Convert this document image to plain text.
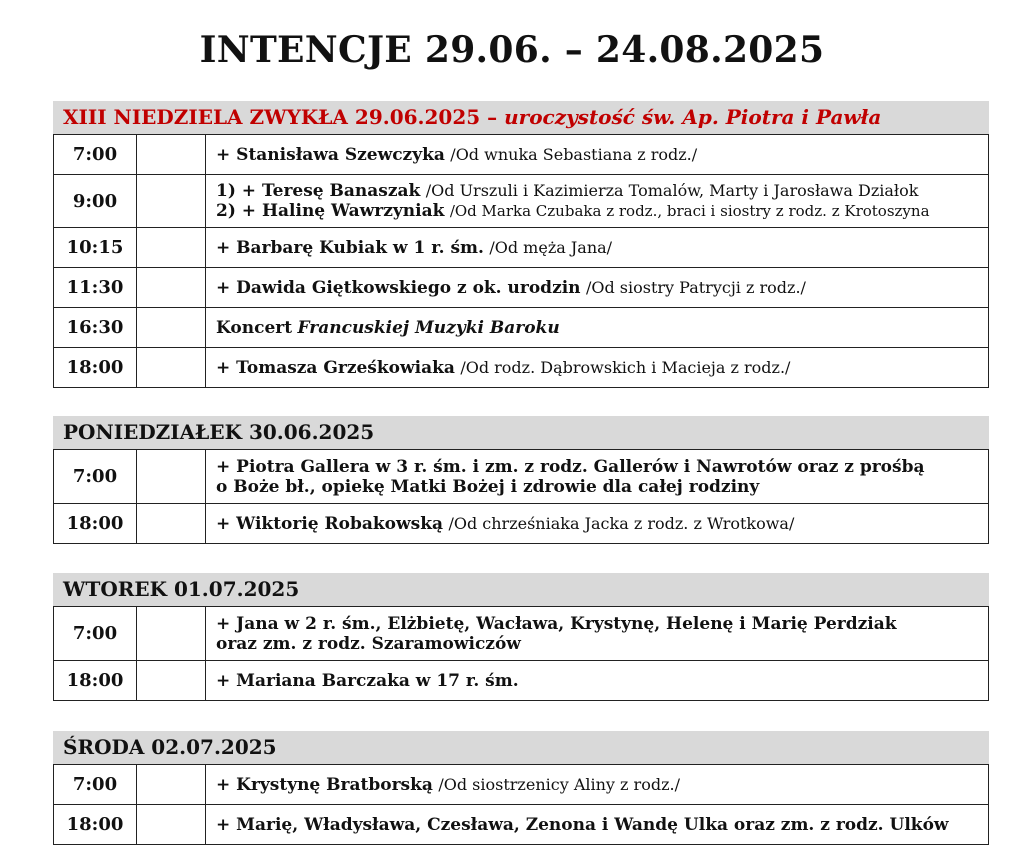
INTENCJE 29.06. – 24.08.2025
XIII NIEDZIELA ZWYKŁA 29.06.2025 – uroczystość św. Ap. Piotra i Pawła
7:00		+ Stanisława Szewczyka /Od wnuka Sebastiana z rodz./
9:00		1) + Teresę Banaszak /Od Urszuli i Kazimierza Tomalów, Marty i Jarosława Działok
2) + Halinę Wawrzyniak /Od Marka Czubaka z rodz., braci i siostry z rodz. z Krotoszyna

10:15		+ Barbarę Kubiak w 1 r. śm. /Od męża Jana/
11:30		+ Dawida Giętkowskiego z ok. urodzin /Od siostry Patrycji z rodz./
16:30		Koncert Francuskiej Muzyki Baroku
18:00		+ Tomasza Grześkowiaka /Od rodz. Dąbrowskich i Macieja z rodz./
PONIEDZIAŁEK 30.06.2025
7:00		+ Piotra Gallera w 3 r. śm. i zm. z rodz. Gallerów i Nawrotów oraz z prośbą
o Boże bł., opiekę Matki Bożej i zdrowie dla całej rodziny

18:00		+ Wiktorię Robakowską /Od chrześniaka Jacka z rodz. z Wrotkowa/
WTOREK 01.07.2025
7:00		+ Jana w 2 r. śm., Elżbietę, Wacława, Krystynę, Helenę i Marię Perdziak
oraz zm. z rodz. Szaramowiczów

18:00		+ Mariana Barczaka w 17 r. śm.
ŚRODA 02.07.2025
7:00		+ Krystynę Bratborską /Od siostrzenicy Aliny z rodz./
18:00		+ Marię, Władysława, Czesława, Zenona i Wandę Ulka oraz zm. z rodz. Ulków
